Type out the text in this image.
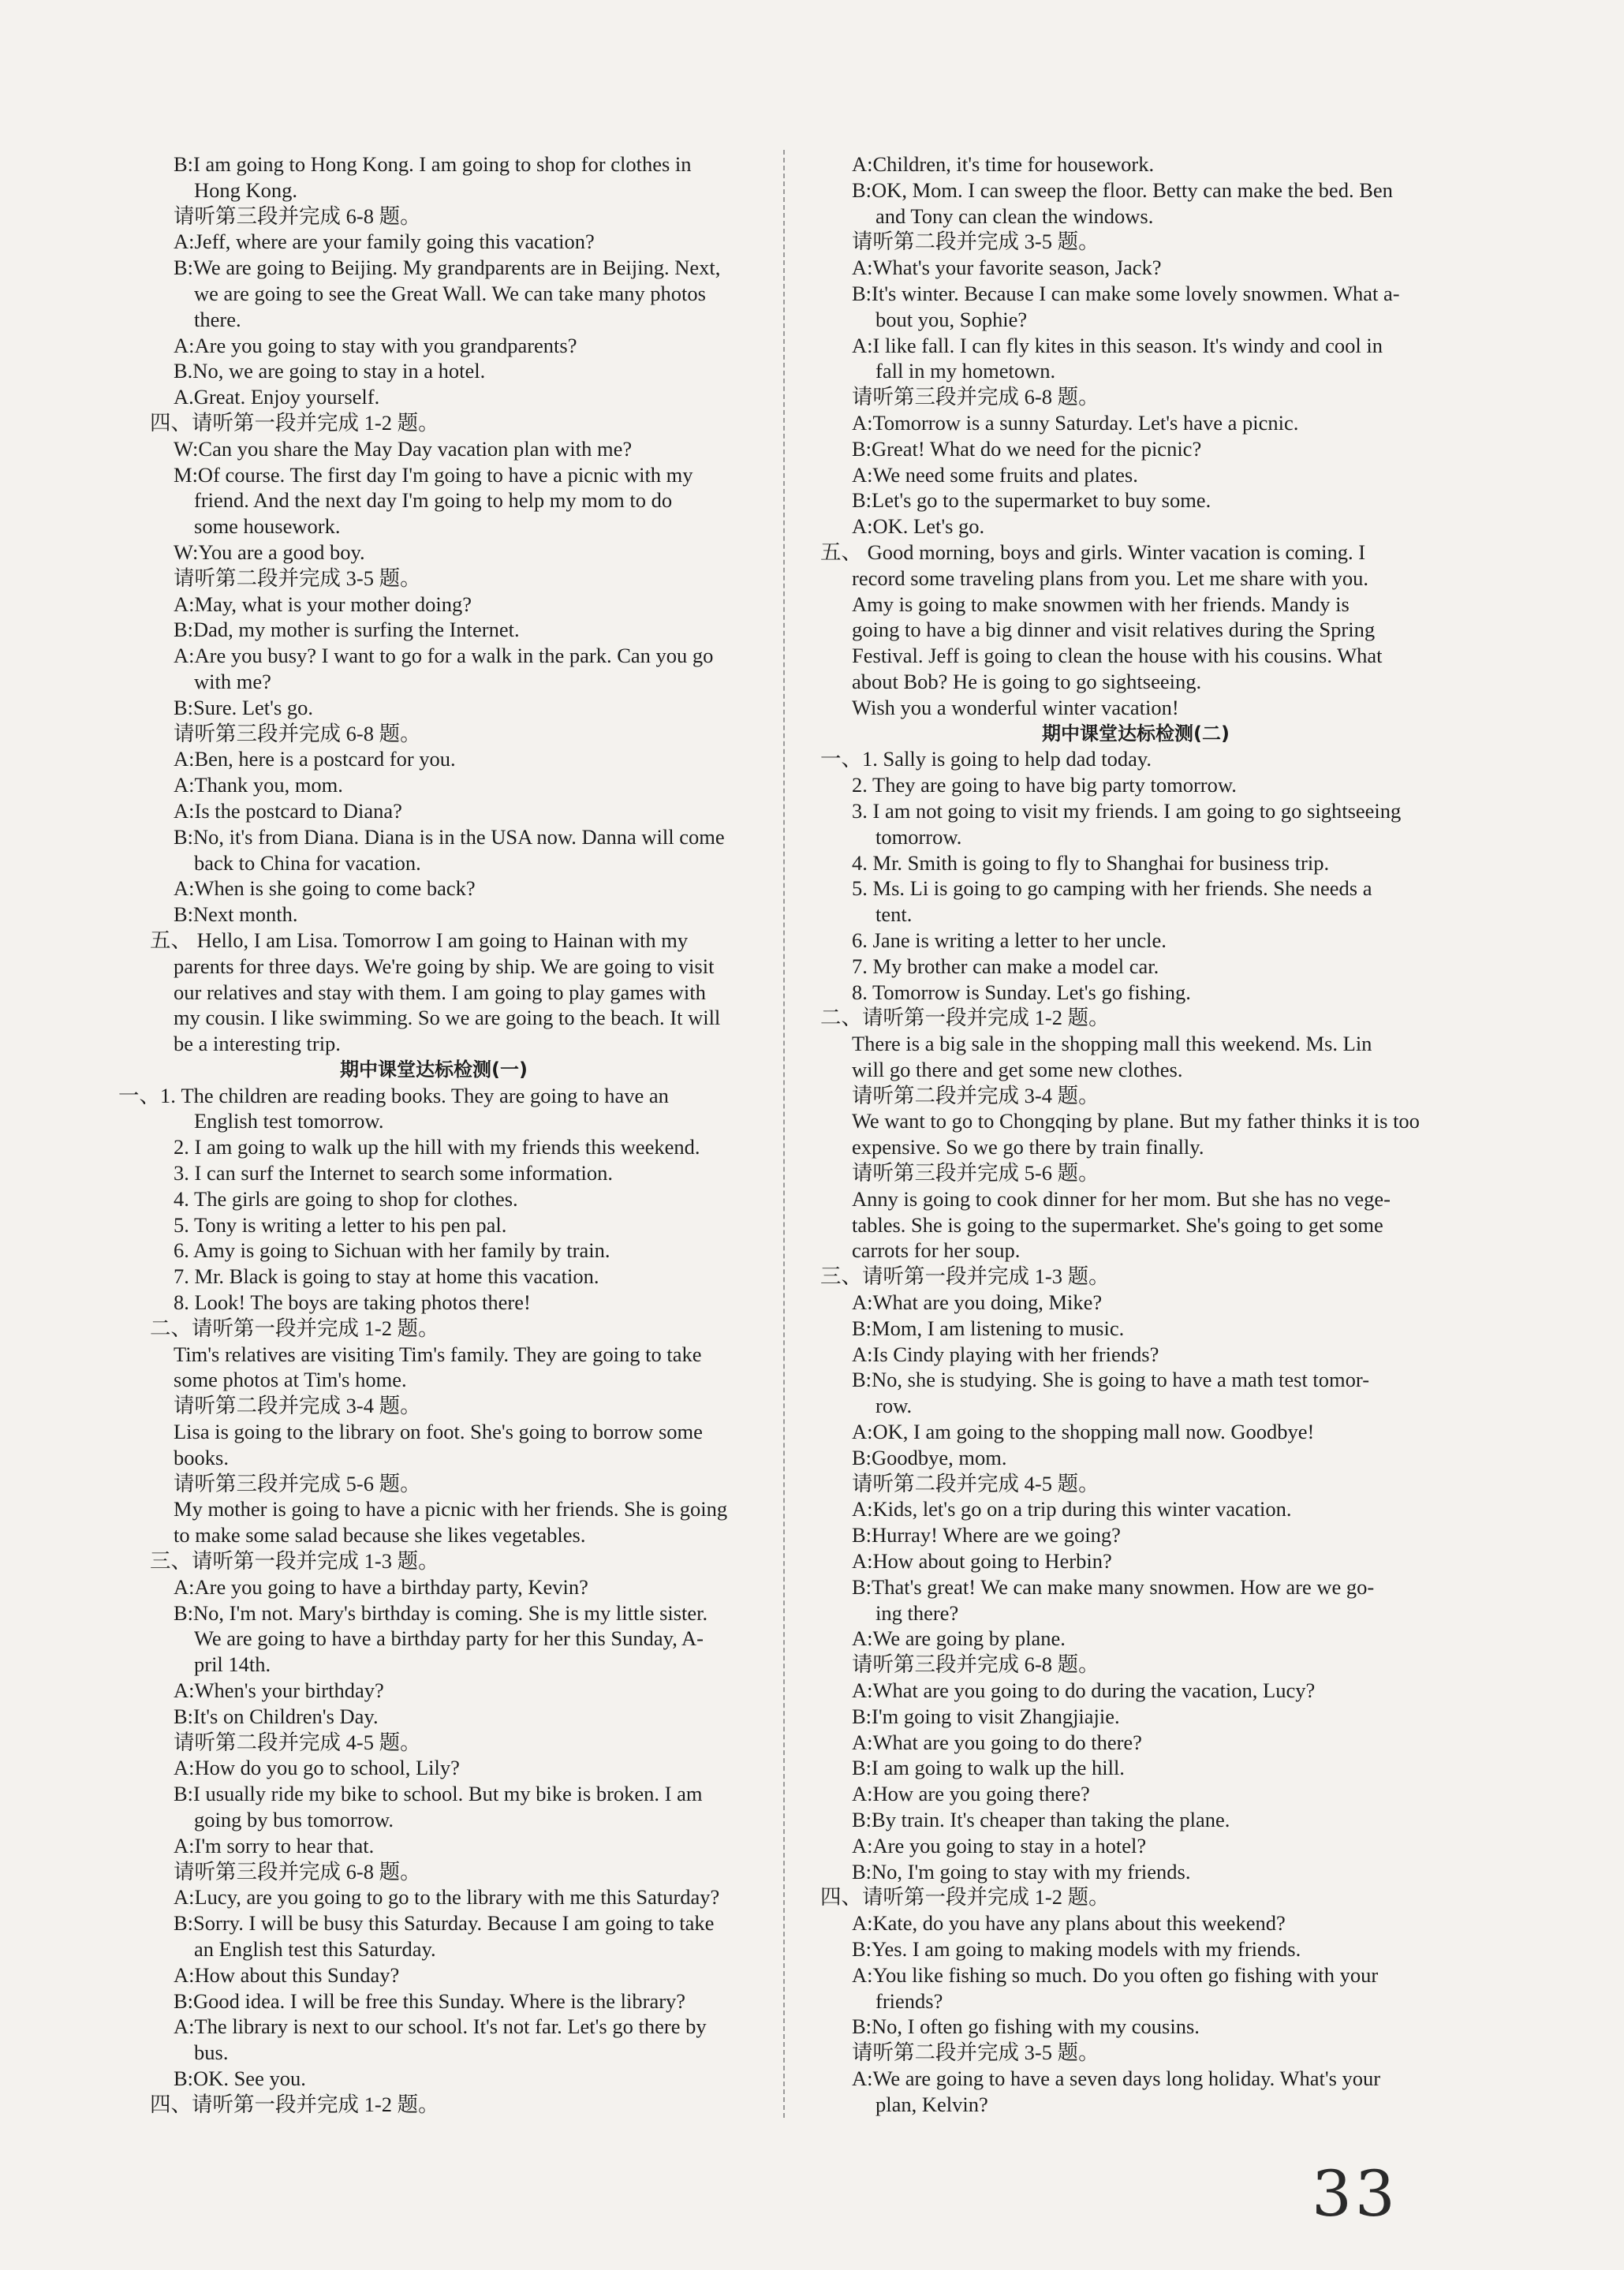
B:I am going to Hong Kong. I am going to shop for clothes in
Hong Kong.
请听第三段并完成 6-8 题。
A:Jeff, where are your family going this vacation?
B:We are going to Beijing. My grandparents are in Beijing. Next,
we are going to see the Great Wall. We can take many photos
there.
A:Are you going to stay with you grandparents?
B.No, we are going to stay in a hotel.
A.Great. Enjoy yourself.
四、请听第一段并完成 1-2 题。
W:Can you share the May Day vacation plan with me?
M:Of course. The first day I'm going to have a picnic with my
friend. And the next day I'm going to help my mom to do
some housework.
W:You are a good boy.
请听第二段并完成 3-5 题。
A:May, what is your mother doing?
B:Dad, my mother is surfing the Internet.
A:Are you busy? I want to go for a walk in the park. Can you go
with me?
B:Sure. Let's go.
请听第三段并完成 6-8 题。
A:Ben, here is a postcard for you.
A:Thank you, mom.
A:Is the postcard to Diana?
B:No, it's from Diana. Diana is in the USA now. Danna will come
back to China for vacation.
A:When is she going to come back?
B:Next month.
五、 Hello, I am Lisa. Tomorrow I am going to Hainan with my
parents for three days. We're going by ship. We are going to visit
our relatives and stay with them. I am going to play games with
my cousin. I like swimming. So we are going to the beach. It will
be a interesting trip.
期中课堂达标检测(一)
一、1. The children are reading books. They are going to have an
English test tomorrow.
2. I am going to walk up the hill with my friends this weekend.
3. I can surf the Internet to search some information.
4. The girls are going to shop for clothes.
5. Tony is writing a letter to his pen pal.
6. Amy is going to Sichuan with her family by train.
7. Mr. Black is going to stay at home this vacation.
8. Look! The boys are taking photos there!
二、请听第一段并完成 1-2 题。
Tim's relatives are visiting Tim's family. They are going to take
some photos at Tim's home.
请听第二段并完成 3-4 题。
Lisa is going to the library on foot. She's going to borrow some
books.
请听第三段并完成 5-6 题。
My mother is going to have a picnic with her friends. She is going
to make some salad because she likes vegetables.
三、请听第一段并完成 1-3 题。
A:Are you going to have a birthday party, Kevin?
B:No, I'm not. Mary's birthday is coming. She is my little sister.
We are going to have a birthday party for her this Sunday, A-
pril 14th.
A:When's your birthday?
B:It's on Children's Day.
请听第二段并完成 4-5 题。
A:How do you go to school, Lily?
B:I usually ride my bike to school. But my bike is broken. I am
going by bus tomorrow.
A:I'm sorry to hear that.
请听第三段并完成 6-8 题。
A:Lucy, are you going to go to the library with me this Saturday?
B:Sorry. I will be busy this Saturday. Because I am going to take
an English test this Saturday.
A:How about this Sunday?
B:Good idea. I will be free this Sunday. Where is the library?
A:The library is next to our school. It's not far. Let's go there by
bus.
B:OK. See you.
四、请听第一段并完成 1-2 题。
A:Children, it's time for housework.
B:OK, Mom. I can sweep the floor. Betty can make the bed. Ben
and Tony can clean the windows.
请听第二段并完成 3-5 题。
A:What's your favorite season, Jack?
B:It's winter. Because I can make some lovely snowmen. What a-
bout you, Sophie?
A:I like fall. I can fly kites in this season. It's windy and cool in
fall in my hometown.
请听第三段并完成 6-8 题。
A:Tomorrow is a sunny Saturday. Let's have a picnic.
B:Great! What do we need for the picnic?
A:We need some fruits and plates.
B:Let's go to the supermarket to buy some.
A:OK. Let's go.
五、 Good morning, boys and girls. Winter vacation is coming. I
record some traveling plans from you. Let me share with you.
Amy is going to make snowmen with her friends. Mandy is
going to have a big dinner and visit relatives during the Spring
Festival. Jeff is going to clean the house with his cousins. What
about Bob? He is going to go sightseeing.
Wish you a wonderful winter vacation!
期中课堂达标检测(二)
一、1. Sally is going to help dad today.
2. They are going to have big party tomorrow.
3. I am not going to visit my friends. I am going to go sightseeing
tomorrow.
4. Mr. Smith is going to fly to Shanghai for business trip.
5. Ms. Li is going to go camping with her friends. She needs a
tent.
6. Jane is writing a letter to her uncle.
7. My brother can make a model car.
8. Tomorrow is Sunday. Let's go fishing.
二、请听第一段并完成 1-2 题。
There is a big sale in the shopping mall this weekend. Ms. Lin
will go there and get some new clothes.
请听第二段并完成 3-4 题。
We want to go to Chongqing by plane. But my father thinks it is too
expensive. So we go there by train finally.
请听第三段并完成 5-6 题。
Anny is going to cook dinner for her mom. But she has no vege-
tables. She is going to the supermarket. She's going to get some
carrots for her soup.
三、请听第一段并完成 1-3 题。
A:What are you doing, Mike?
B:Mom, I am listening to music.
A:Is Cindy playing with her friends?
B:No, she is studying. She is going to have a math test tomor-
row.
A:OK, I am going to the shopping mall now. Goodbye!
B:Goodbye, mom.
请听第二段并完成 4-5 题。
A:Kids, let's go on a trip during this winter vacation.
B:Hurray! Where are we going?
A:How about going to Herbin?
B:That's great! We can make many snowmen. How are we go-
ing there?
A:We are going by plane.
请听第三段并完成 6-8 题。
A:What are you going to do during the vacation, Lucy?
B:I'm going to visit Zhangjiajie.
A:What are you going to do there?
B:I am going to walk up the hill.
A:How are you going there?
B:By train. It's cheaper than taking the plane.
A:Are you going to stay in a hotel?
B:No, I'm going to stay with my friends.
四、请听第一段并完成 1-2 题。
A:Kate, do you have any plans about this weekend?
B:Yes. I am going to making models with my friends.
A:You like fishing so much. Do you often go fishing with your
friends?
B:No, I often go fishing with my cousins.
请听第二段并完成 3-5 题。
A:We are going to have a seven days long holiday. What's your
plan, Kelvin?
33
